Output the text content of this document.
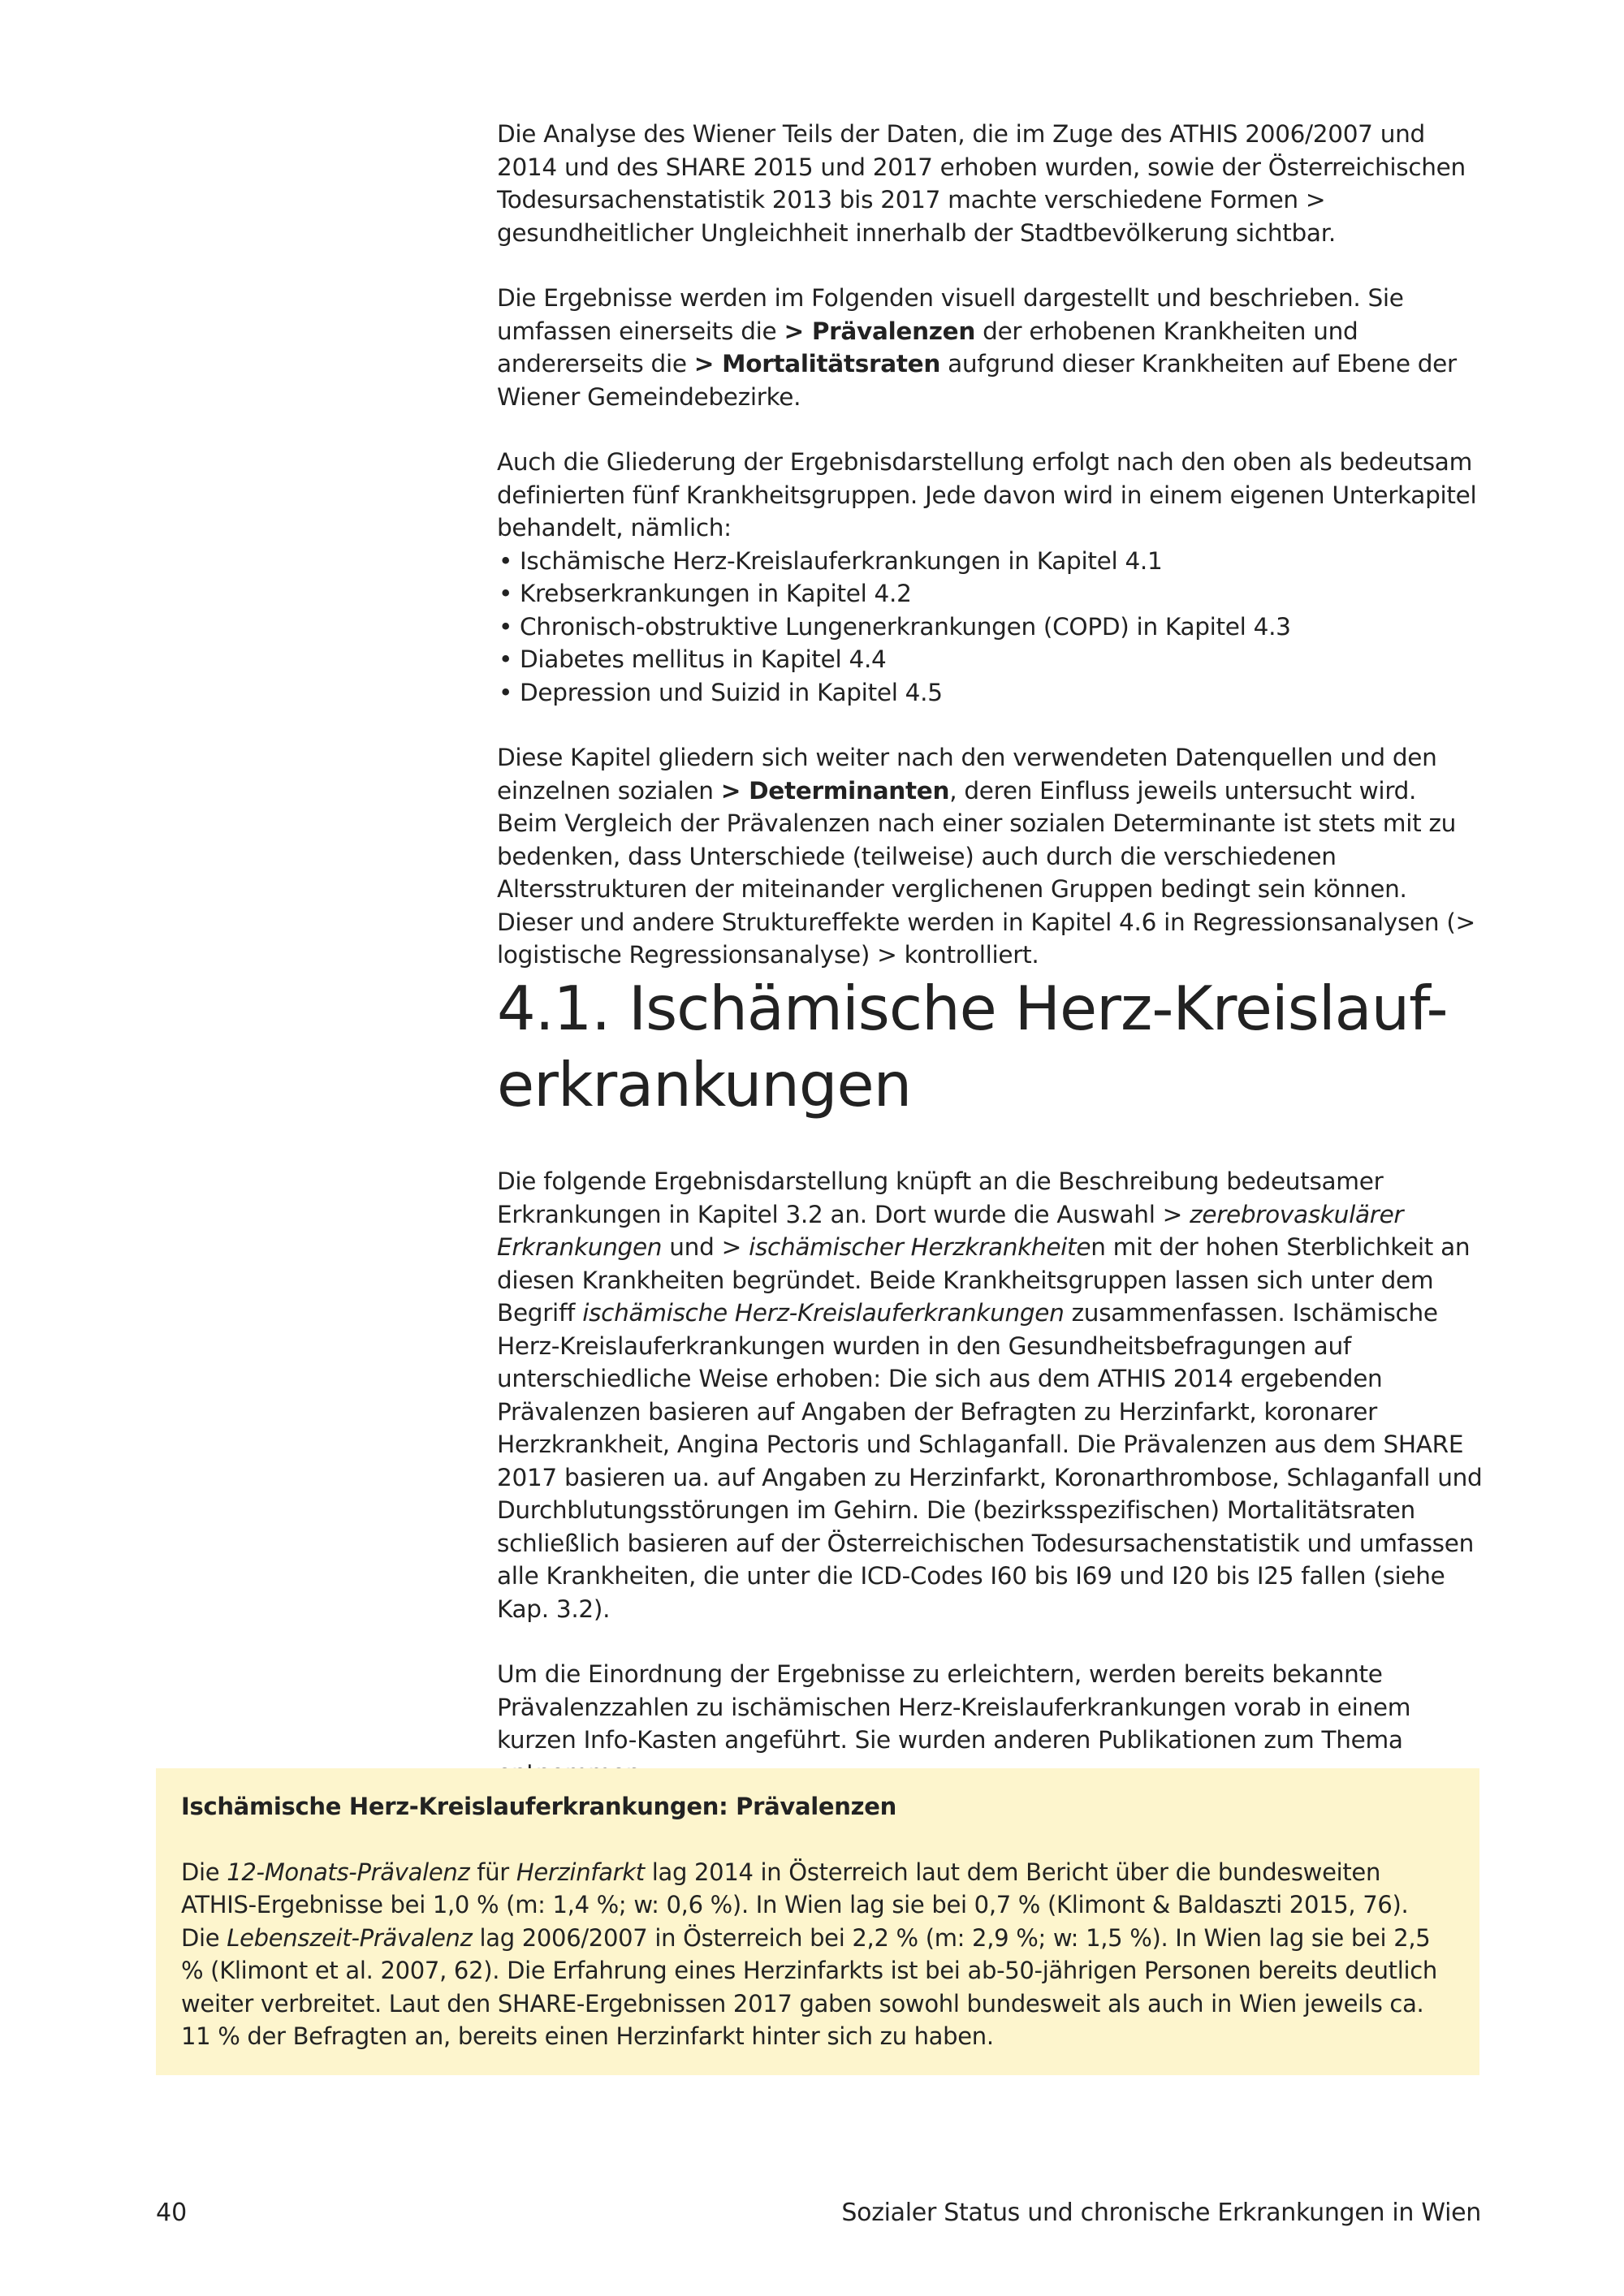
Die Analyse des Wiener Teils der Daten, die im Zuge des ATHIS 2006/2007 und 2014 und des SHARE 2015 und 2017 erhoben wurden, sowie der Österreichischen Todesursachenstatistik 2013 bis 2017 machte verschiedene Formen > gesundheitlicher Ungleichheit innerhalb der Stadtbevölkerung sichtbar.

Die Ergebnisse werden im Folgenden visuell dargestellt und beschrieben. Sie umfassen einerseits die > Prävalenzen der erhobenen Krankheiten und andererseits die > Mortalitätsraten aufgrund dieser Krankheiten auf Ebene der Wiener Gemeindebezirke.

Auch die Gliederung der Ergebnisdarstellung erfolgt nach den oben als bedeutsam definierten fünf Krankheitsgruppen. Jede davon wird in einem eigenen Unterkapitel behandelt, nämlich:

• Ischämische Herz-Kreislauferkrankungen in Kapitel 4.1
• Krebserkrankungen in Kapitel 4.2
• Chronisch-obstruktive Lungenerkrankungen (COPD) in Kapitel 4.3
• Diabetes mellitus in Kapitel 4.4
• Depression und Suizid in Kapitel 4.5

Diese Kapitel gliedern sich weiter nach den verwendeten Datenquellen und den einzelnen sozialen > Determinanten, deren Einfluss jeweils untersucht wird. Beim Vergleich der Prävalenzen nach einer sozialen Determinante ist stets mit zu bedenken, dass Unterschiede (teilweise) auch durch die verschiedenen Altersstrukturen der miteinander verglichenen Gruppen bedingt sein können. Dieser und andere Struktureffekte werden in Kapitel 4.6 in Regressionsanalysen (> logistische Regressionsanalyse) > kontrolliert.

4.1. Ischämische Herz-Kreislauf-
erkrankungen

Die folgende Ergebnisdarstellung knüpft an die Beschreibung bedeutsamer Erkrankungen in Kapitel 3.2 an. Dort wurde die Auswahl > zerebrovaskulärer Erkrankungen und > ischämischer Herzkrankheiten mit der hohen Sterblichkeit an diesen Krankheiten begründet. Beide Krankheitsgruppen lassen sich unter dem Begriff ischämische Herz-Kreislauferkrankungen zusammenfassen. Ischämische Herz-Kreislauferkrankungen wurden in den Gesundheitsbefragungen auf unterschiedliche Weise erhoben: Die sich aus dem ATHIS 2014 ergebenden Prävalenzen basieren auf Angaben der Befragten zu Herzinfarkt, koronarer Herzkrankheit, Angina Pectoris und Schlaganfall. Die Prävalenzen aus dem SHARE 2017 basieren ua. auf Angaben zu Herzinfarkt, Koronarthrombose, Schlaganfall und Durchblutungsstörungen im Gehirn. Die (bezirksspezifischen) Mortalitätsraten schließlich basieren auf der Österreichischen Todesursachenstatistik und umfassen alle Krankheiten, die unter die ICD-Codes I60 bis I69 und I20 bis I25 fallen (siehe Kap. 3.2).

Um die Einordnung der Ergebnisse zu erleichtern, werden bereits bekannte Prävalenzzahlen zu ischämischen Herz-Kreislauferkrankungen vorab in einem kurzen Info-Kasten angeführt. Sie wurden anderen Publikationen zum Thema

Ischämische Herz-Kreislauferkrankungen: Prävalenzen

Die 12-Monats-Prävalenz für Herzinfarkt lag 2014 in Österreich laut dem Bericht über die bundesweiten ATHIS-Ergebnisse bei 1,0 % (m: 1,4 %; w: 0,6 %). In Wien lag sie bei 0,7 % (Klimont & Baldaszti 2015, 76). Die Lebenszeit-Prävalenz lag 2006/2007 in Österreich bei 2,2 % (m: 2,9 %; w: 1,5 %). In Wien lag sie bei 2,5 % (Klimont et al. 2007, 62). Die Erfahrung eines Herzinfarkts ist bei ab-50-jährigen Personen bereits deutlich weiter verbreitet. Laut den SHARE-Ergebnissen 2017 gaben sowohl bundesweit als auch in Wien jeweils ca. 11 % der Befragten an, bereits einen Herzinfarkt hinter sich zu haben.

40	Sozialer Status und chronische Erkrankungen in Wien
